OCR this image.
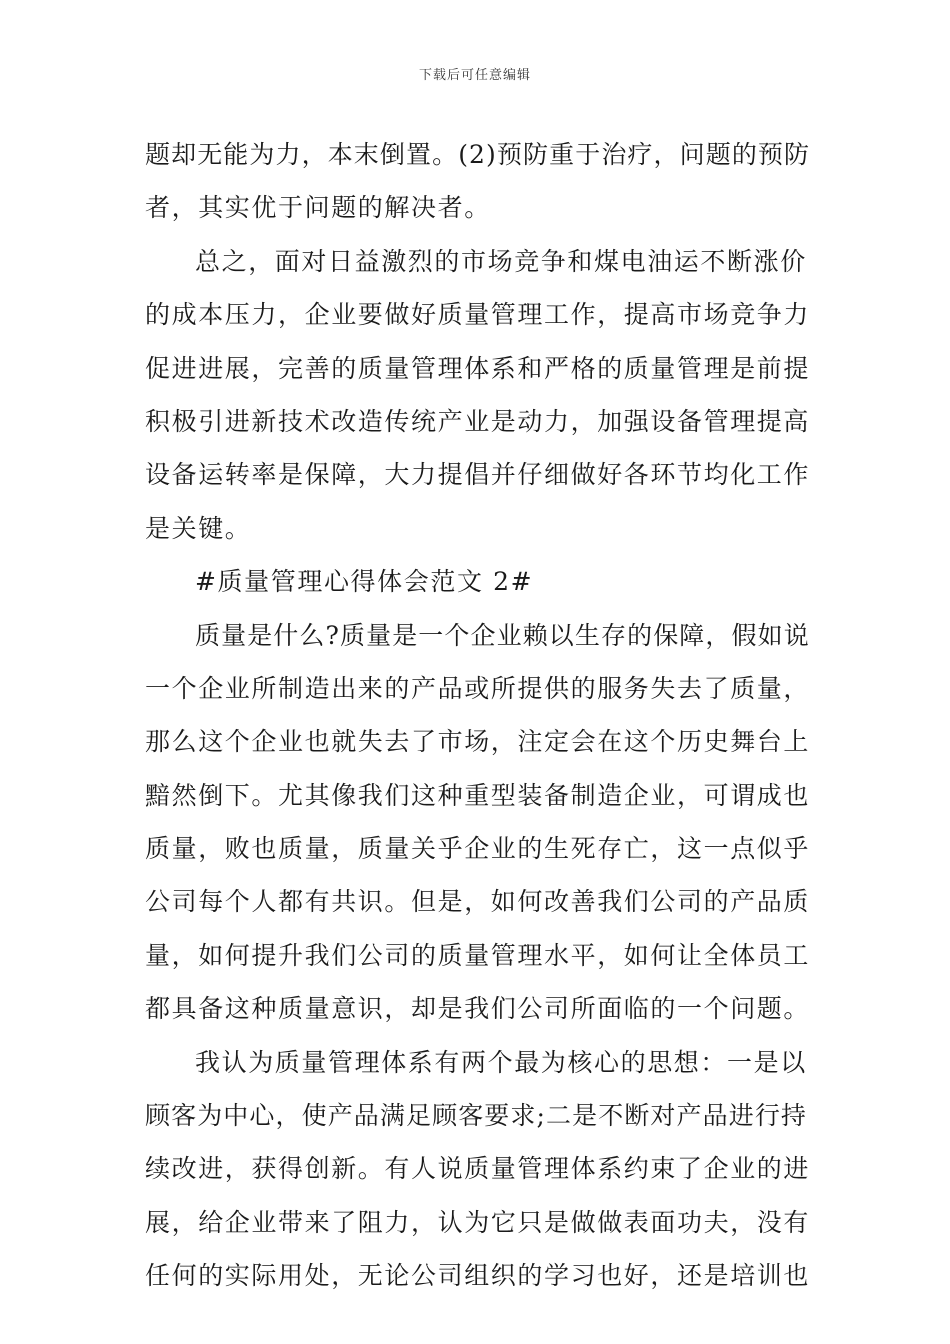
下载后可任意编辑
题却无能为力，本末倒置。(2)预防重于治疗，问题的预防
者，其实优于问题的解决者。
总之，面对日益激烈的市场竞争和煤电油运不断涨价
的成本压力，企业要做好质量管理工作，提高市场竞争力
促进进展，完善的质量管理体系和严格的质量管理是前提
积极引进新技术改造传统产业是动力，加强设备管理提高
设备运转率是保障，大力提倡并仔细做好各环节均化工作
是关键。
#质量管理心得体会范文 2#
质量是什么?质量是一个企业赖以生存的保障，假如说
一个企业所制造出来的产品或所提供的服务失去了质量，
那么这个企业也就失去了市场，注定会在这个历史舞台上
黯然倒下。尤其像我们这种重型装备制造企业，可谓成也
质量，败也质量，质量关乎企业的生死存亡，这一点似乎
公司每个人都有共识。但是，如何改善我们公司的产品质
量，如何提升我们公司的质量管理水平，如何让全体员工
都具备这种质量意识，却是我们公司所面临的一个问题。
我认为质量管理体系有两个最为核心的思想：一是以
顾客为中心，使产品满足顾客要求;二是不断对产品进行持
续改进，获得创新。有人说质量管理体系约束了企业的进
展，给企业带来了阻力，认为它只是做做表面功夫，没有
任何的实际用处，无论公司组织的学习也好，还是培训也
